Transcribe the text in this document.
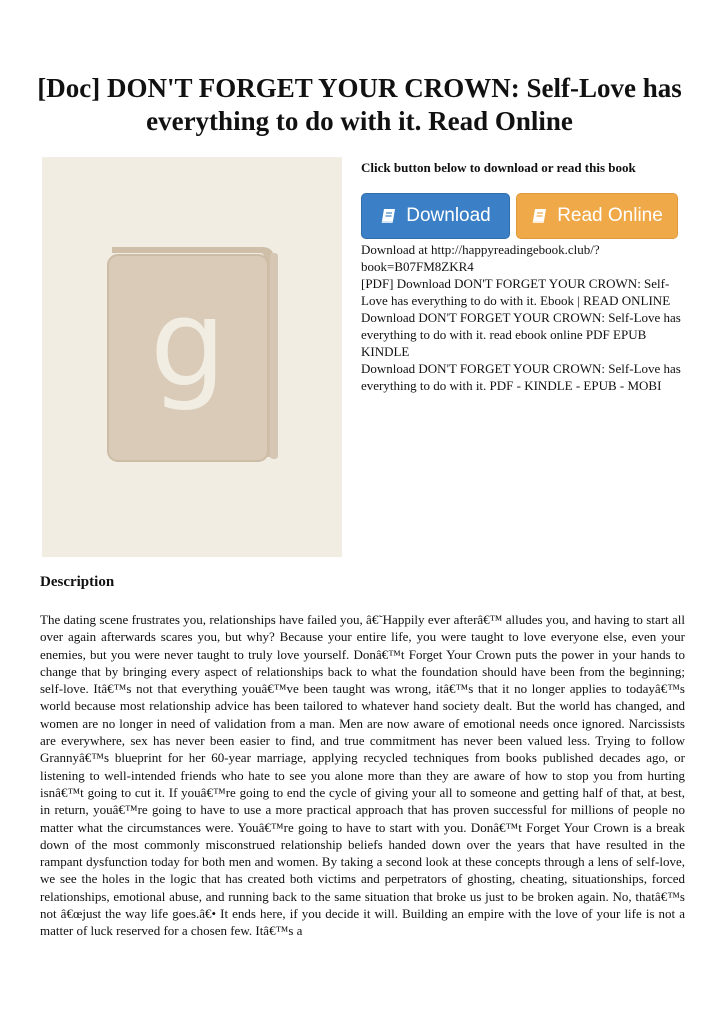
[Doc] DON'T FORGET YOUR CROWN: Self-Love has everything to do with it. Read Online
g

Click button below to download or read this book

Download	Read Online

Download at http://happyreadingebook.club/?book=B07FM8ZKR4

[PDF] Download DON'T FORGET YOUR CROWN: Self-Love has everything to do with it. Ebook | READ ONLINE

Download DON'T FORGET YOUR CROWN: Self-Love has everything to do with it. read ebook online PDF EPUB KINDLE

Download DON'T FORGET YOUR CROWN: Self-Love has everything to do with it. PDF - KINDLE - EPUB - MOBI

Description

The dating scene frustrates you, relationships have failed you, â€˜Happily ever afterâ€™ alludes you, and having to start all over again afterwards scares you, but why? Because your entire life, you were taught to love everyone else, even your enemies, but you were never taught to truly love yourself. Donâ€™t Forget Your Crown puts the power in your hands to change that by bringing every aspect of relationships back to what the foundation should have been from the beginning; self-love. Itâ€™s not that everything youâ€™ve been taught was wrong, itâ€™s that it no longer applies to todayâ€™s world because most relationship advice has been tailored to whatever hand society dealt. But the world has changed, and women are no longer in need of validation from a man. Men are now aware of emotional needs once ignored. Narcissists are everywhere, sex has never been easier to find, and true commitment has never been valued less. Trying to follow Grannyâ€™s blueprint for her 60-year marriage, applying recycled techniques from books published decades ago, or listening to well-intended friends who hate to see you alone more than they are aware of how to stop you from hurting isnâ€™t going to cut it. If youâ€™re going to end the cycle of giving your all to someone and getting half of that, at best, in return, youâ€™re going to have to use a more practical approach that has proven successful for millions of people no matter what the circumstances were. Youâ€™re going to have to start with you. Donâ€™t Forget Your Crown is a break down of the most commonly misconstrued relationship beliefs handed down over the years that have resulted in the rampant dysfunction today for both men and women. By taking a second look at these concepts through a lens of self-love, we see the holes in the logic that has created both victims and perpetrators of ghosting, cheating, situationships, forced relationships, emotional abuse, and running back to the same situation that broke us just to be broken again. No, thatâ€™s not â€œjust the way life goes.â€• It ends here, if you decide it will. Building an empire with the love of your life is not a matter of luck reserved for a chosen few. Itâ€™s a
